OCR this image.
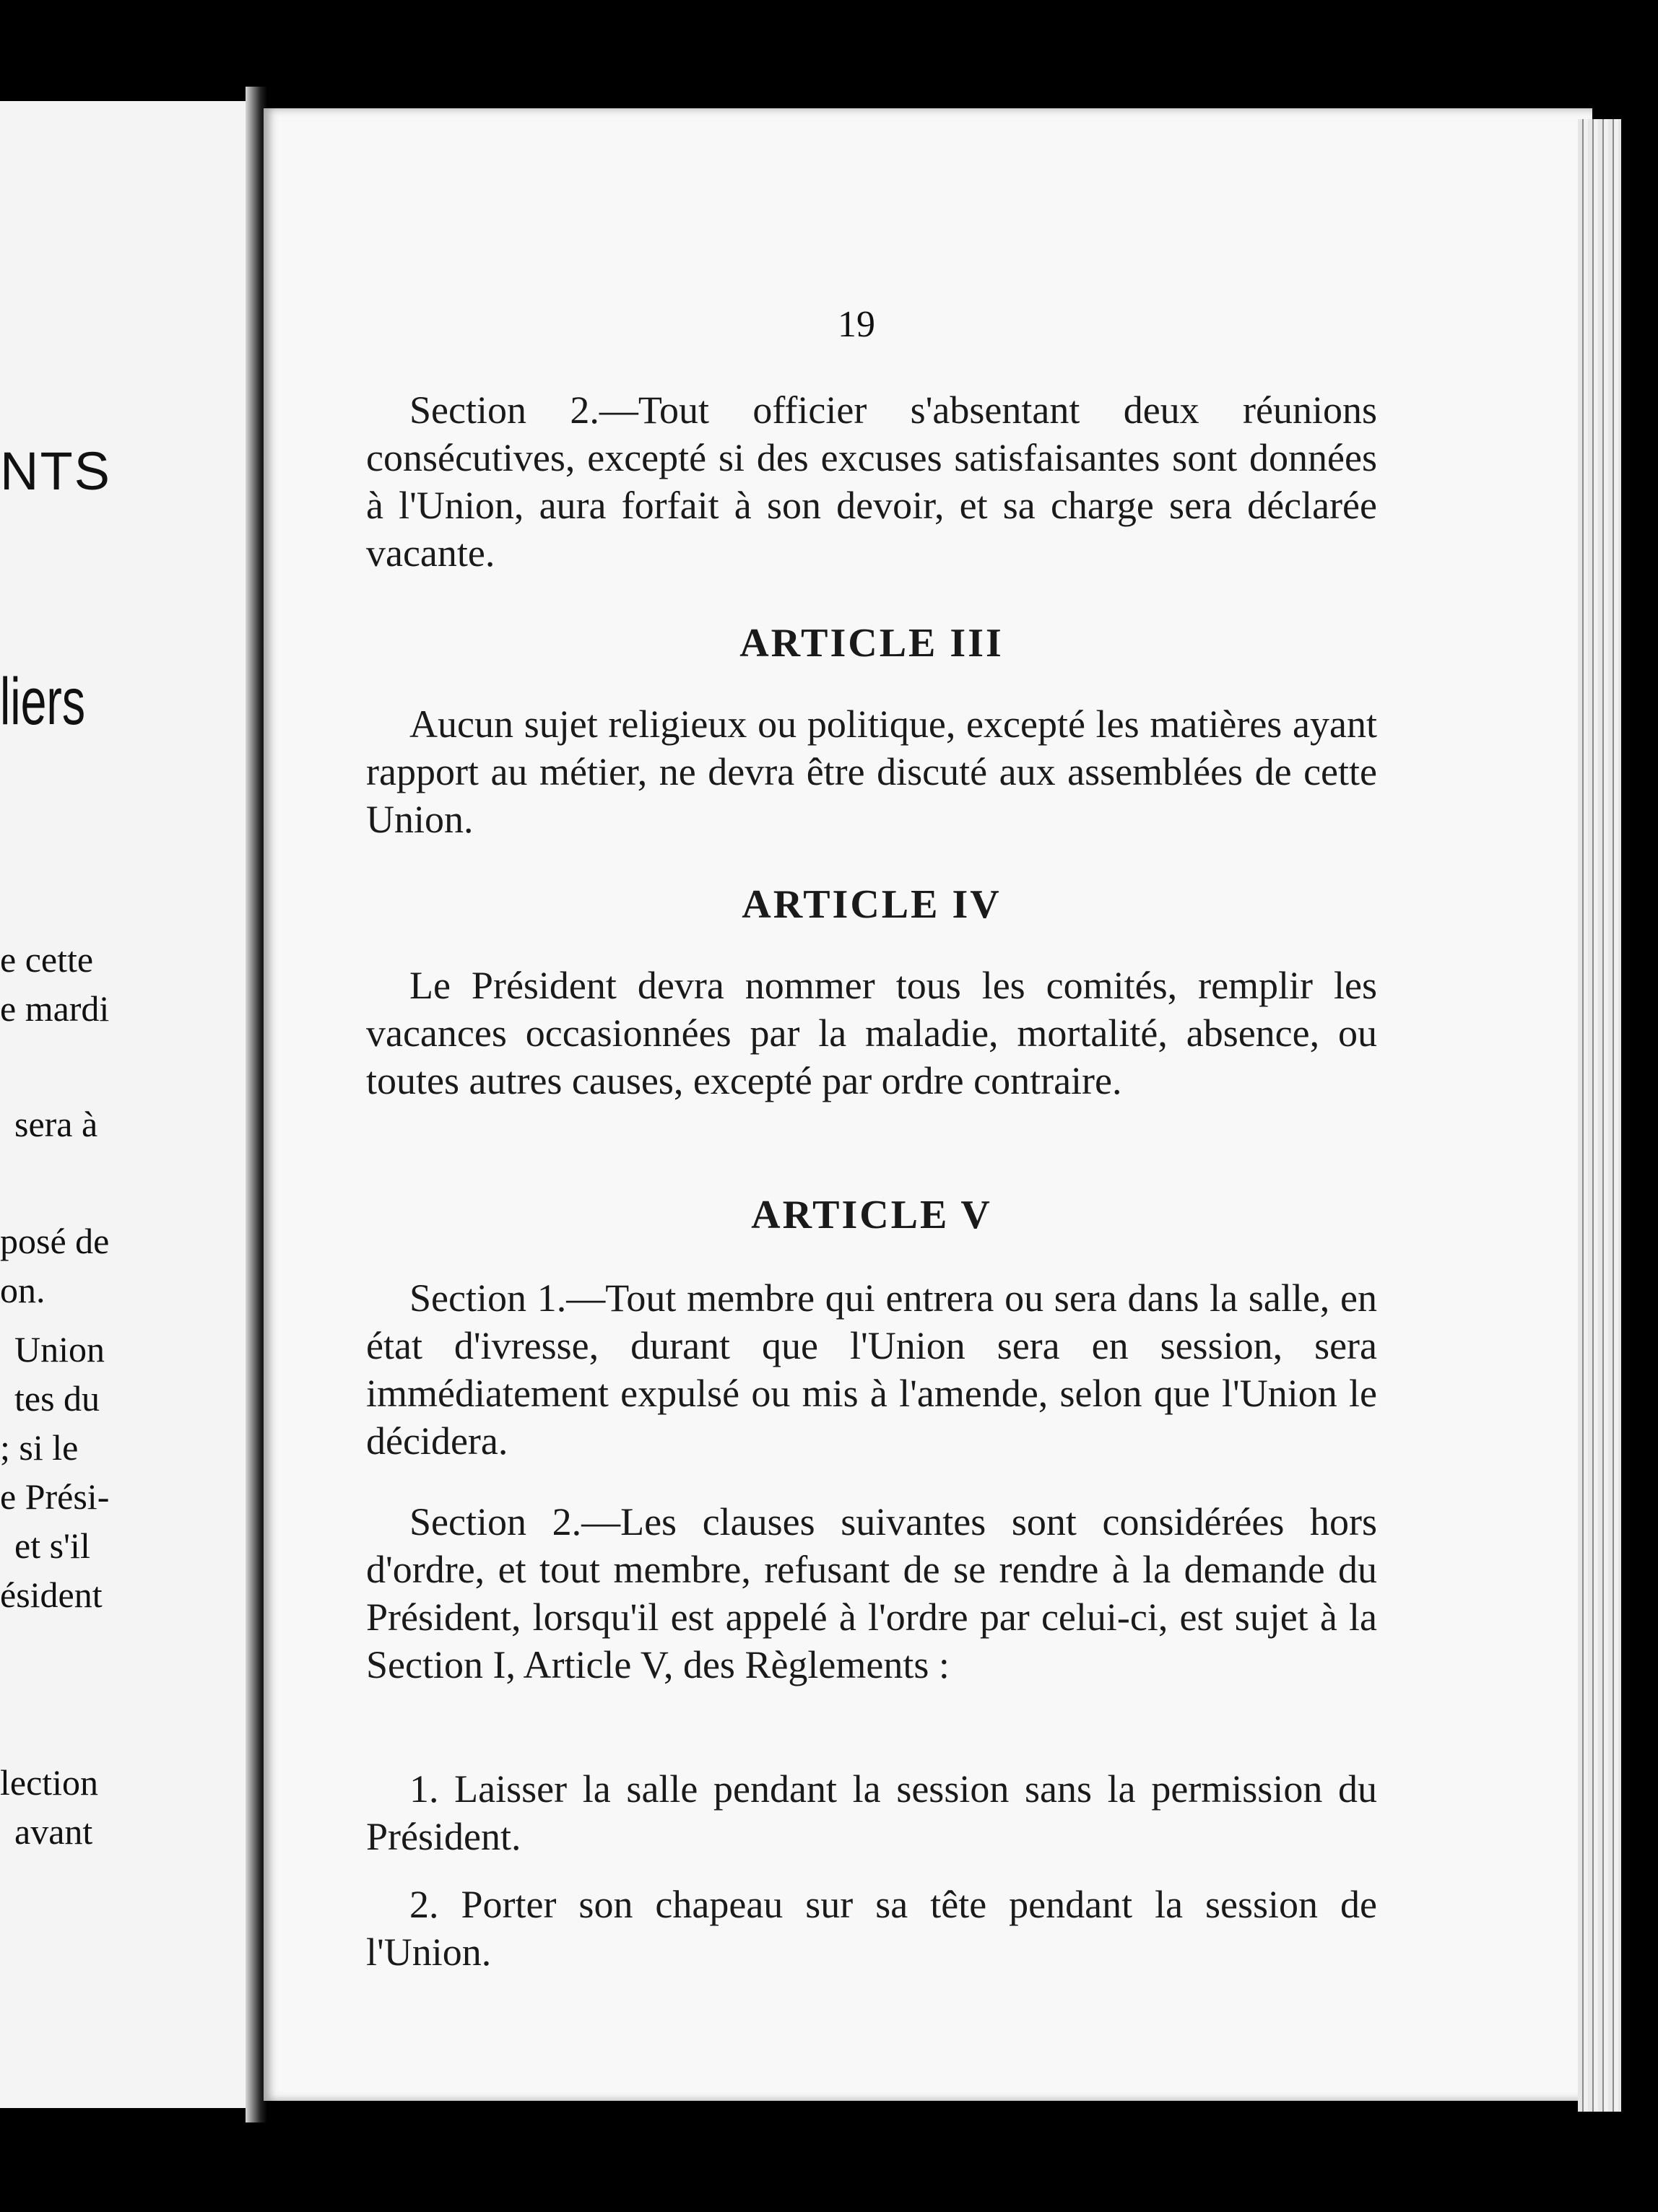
NTS
liers
e cette
e mardi
sera à
posé de
on.
Union
tes du
; si le
e Prési-
et s'il
ésident
lection
avant
19

Section 2.—Tout officier s'absentant deux réunions consécutives, excepté si des excuses satisfaisantes sont données à l'Union, aura forfait à son devoir, et sa charge sera déclarée vacante.

ARTICLE III

Aucun sujet religieux ou politique, excepté les matières ayant rapport au métier, ne devra être discuté aux assemblées de cette Union.

ARTICLE IV

Le Président devra nommer tous les comités, remplir les vacances occasionnées par la maladie, mortalité, absence, ou toutes autres causes, excepté par ordre contraire.

ARTICLE V

Section 1.—Tout membre qui entrera ou sera dans la salle, en état d'ivresse, durant que l'Union sera en session, sera immédiatement expulsé ou mis à l'amende, selon que l'Union le décidera.

Section 2.—Les clauses suivantes sont considérées hors d'ordre, et tout membre, refusant de se rendre à la demande du Président, lorsqu'il est appelé à l'ordre par celui-ci, est sujet à la Section I, Article V, des Règlements :

1. Laisser la salle pendant la session sans la permission du Président.

2. Porter son chapeau sur sa tête pendant la session de l'Union.
